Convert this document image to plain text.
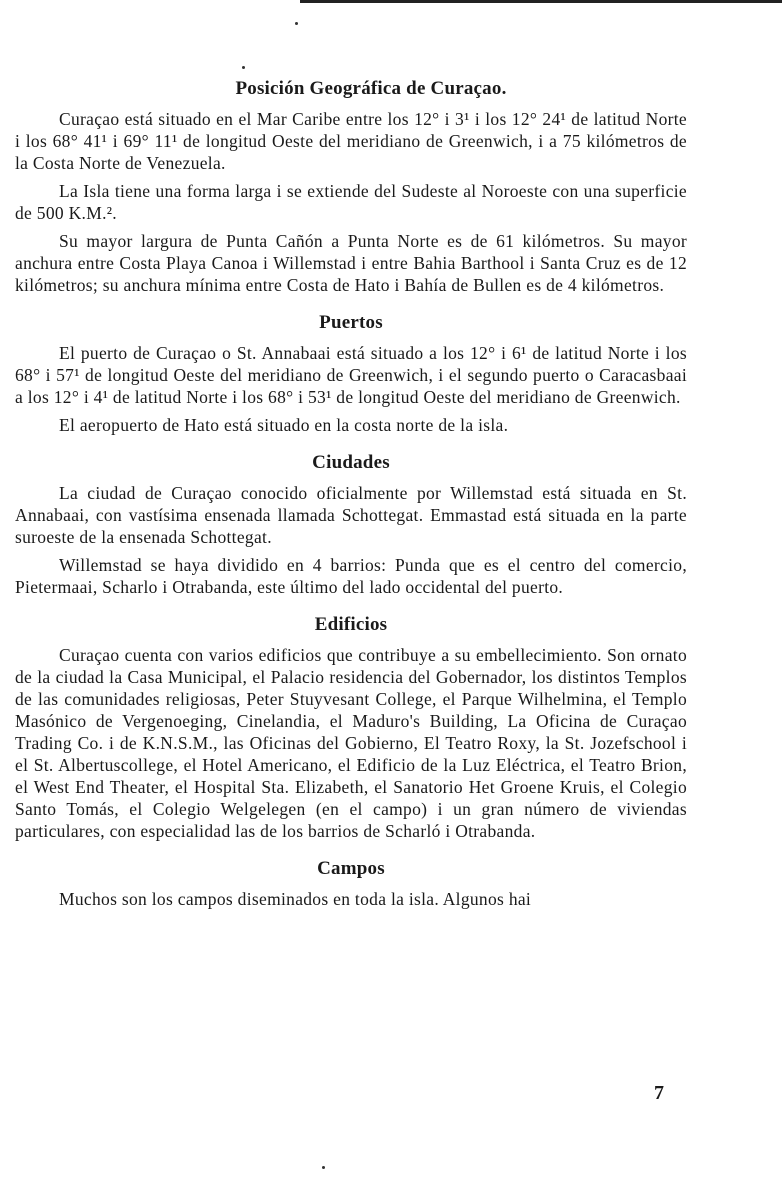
Posición Geográfica de Curaçao.

Curaçao está situado en el Mar Caribe entre los 12° i 3¹ i los 12° 24¹ de latitud Norte i los 68° 41¹ i 69° 11¹ de longitud Oeste del meridiano de Greenwich, i a 75 kilómetros de la Costa Norte de Venezuela.

La Isla tiene una forma larga i se extiende del Sudeste al Noroeste con una superficie de 500 K.M.².

Su mayor largura de Punta Cañón a Punta Norte es de 61 kilómetros. Su mayor anchura entre Costa Playa Canoa i Willemstad i entre Bahia Barthool i Santa Cruz es de 12 kilómetros; su anchura mínima entre Costa de Hato i Bahía de Bullen es de 4 kilómetros.

Puertos

El puerto de Curaçao o St. Annabaai está situado a los 12° i 6¹ de latitud Norte i los 68° i 57¹ de longitud Oeste del meridiano de Greenwich, i el segundo puerto o Caracasbaai a los 12° i 4¹ de latitud Norte i los 68° i 53¹ de longitud Oeste del meridiano de Greenwich.

El aeropuerto de Hato está situado en la costa norte de la isla.

Ciudades

La ciudad de Curaçao conocido oficialmente por Willemstad está situada en St. Annabaai, con vastísima ensenada llamada Schottegat. Emmastad está situada en la parte suroeste de la ensenada Schottegat.

Willemstad se haya dividido en 4 barrios: Punda que es el centro del comercio, Pietermaai, Scharlo i Otrabanda, este último del lado occidental del puerto.

Edificios

Curaçao cuenta con varios edificios que contribuye a su embellecimiento. Son ornato de la ciudad la Casa Municipal, el Palacio residencia del Gobernador, los distintos Templos de las comunidades religiosas, Peter Stuyvesant College, el Parque Wilhelmina, el Templo Masónico de Vergenoeging, Cinelandia, el Maduro's Building, La Oficina de Curaçao Trading Co. i de K.N.S.M., las Oficinas del Gobierno, El Teatro Roxy, la St. Jozefschool i el St. Albertuscollege, el Hotel Americano, el Edificio de la Luz Eléctrica, el Teatro Brion, el West End Theater, el Hospital Sta. Elizabeth, el Sanatorio Het Groene Kruis, el Colegio Santo Tomás, el Colegio Welgelegen (en el campo) i un gran número de viviendas particulares, con especialidad las de los barrios de Scharló i Otrabanda.

Campos

Muchos son los campos diseminados en toda la isla. Algunos hai

7
